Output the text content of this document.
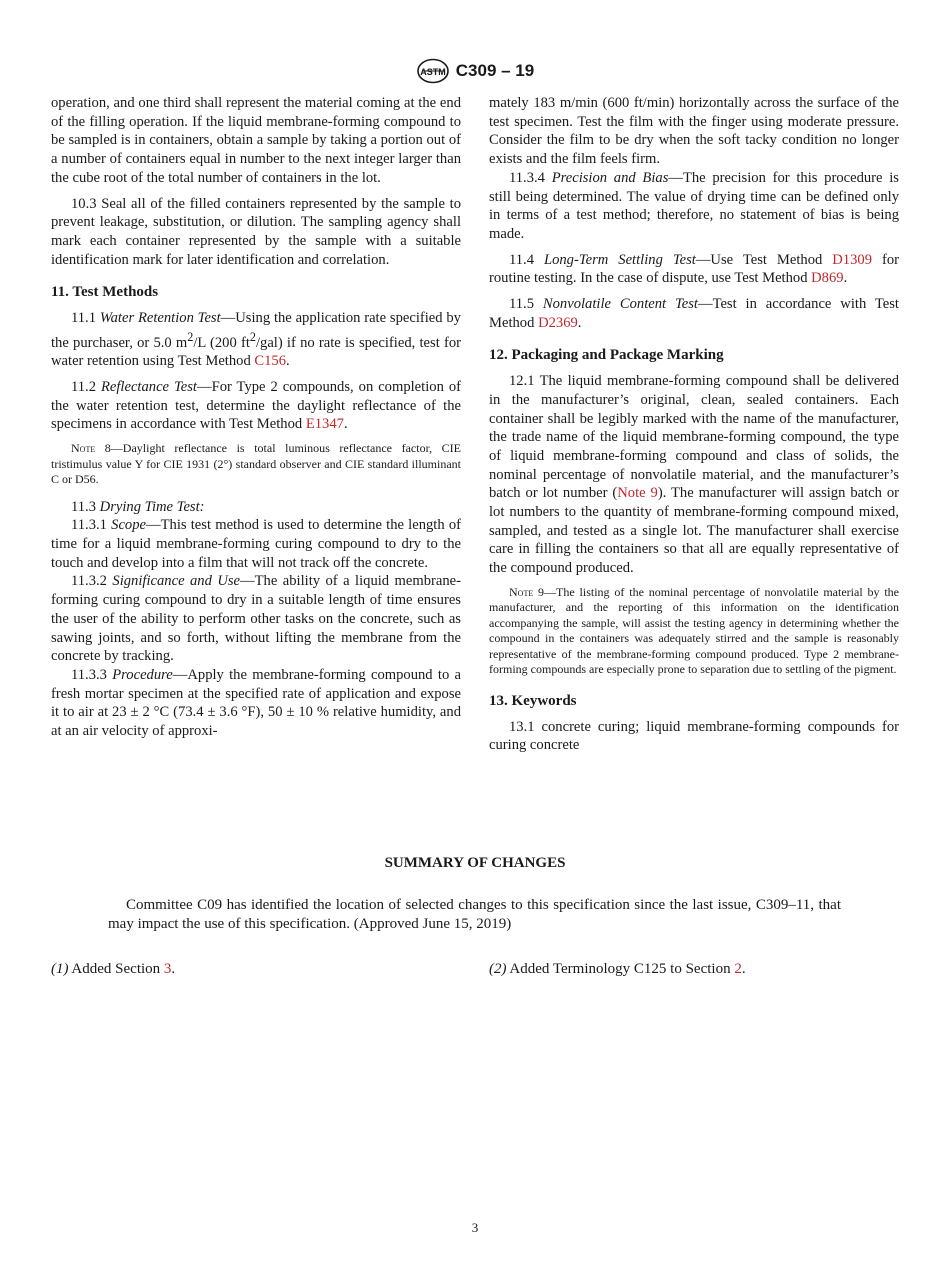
ASTM C309 – 19

operation, and one third shall represent the material coming at the end of the filling operation. If the liquid membrane-forming compound to be sampled is in containers, obtain a sample by taking a portion out of a number of containers equal in number to the next integer larger than the cube root of the total number of containers in the lot.

10.3 Seal all of the filled containers represented by the sample to prevent leakage, substitution, or dilution. The sampling agency shall mark each container represented by the sample with a suitable identification mark for later identification and correlation.

11. Test Methods

11.1 Water Retention Test—Using the application rate specified by the purchaser, or 5.0 $m^2/L$ (200 $ft^2/gal$) if no rate is specified, test for water retention using Test Method C156.

11.2 Reflectance Test—For Type 2 compounds, on completion of the water retention test, determine the daylight reflectance of the specimens in accordance with Test Method E1347.

Note 8—Daylight reflectance is total luminous reflectance factor, CIE tristimulus value Y for CIE 1931 (2°) standard observer and CIE standard illuminant C or D56.

11.3 Drying Time Test:

11.3.1 Scope—This test method is used to determine the length of time for a liquid membrane-forming curing compound to dry to the touch and develop into a film that will not track off the concrete.

11.3.2 Significance and Use—The ability of a liquid membrane-forming curing compound to dry in a suitable length of time ensures the user of the ability to perform other tasks on the concrete, such as sawing joints, and so forth, without lifting the membrane from the concrete by tracking.

11.3.3 Procedure—Apply the membrane-forming compound to a fresh mortar specimen at the specified rate of application and expose it to air at 23 ± 2 °C (73.4 ± 3.6 °F), 50 ± 10 % relative humidity, and at an air velocity of approxi-

mately 183 m/min (600 ft/min) horizontally across the surface of the test specimen. Test the film with the finger using moderate pressure. Consider the film to be dry when the soft tacky condition no longer exists and the film feels firm.

11.3.4 Precision and Bias—The precision for this procedure is still being determined. The value of drying time can be defined only in terms of a test method; therefore, no statement of bias is being made.

11.4 Long-Term Settling Test—Use Test Method D1309 for routine testing. In the case of dispute, use Test Method D869.

11.5 Nonvolatile Content Test—Test in accordance with Test Method D2369.

12. Packaging and Package Marking

12.1 The liquid membrane-forming compound shall be delivered in the manufacturer’s original, clean, sealed containers. Each container shall be legibly marked with the name of the manufacturer, the trade name of the liquid membrane-forming compound, the type of liquid membrane-forming compound and class of solids, the nominal percentage of nonvolatile material, and the manufacturer’s batch or lot number (Note 9). The manufacturer will assign batch or lot numbers to the quantity of membrane-forming compound mixed, sampled, and tested as a single lot. The manufacturer shall exercise care in filling the containers so that all are equally representative of the compound produced.

Note 9—The listing of the nominal percentage of nonvolatile material by the manufacturer, and the reporting of this information on the identification accompanying the sample, will assist the testing agency in determining whether the compound in the containers was adequately stirred and the sample is reasonably representative of the membrane-forming compound produced. Type 2 membrane-forming compounds are especially prone to separation due to settling of the pigment.

13. Keywords

13.1 concrete curing; liquid membrane-forming compounds for curing concrete

SUMMARY OF CHANGES
Committee C09 has identified the location of selected changes to this specification since the last issue, C309–11, that may impact the use of this specification. (Approved June 15, 2019)
(1) Added Section 3.	(2) Added Terminology C125 to Section 2.
3
